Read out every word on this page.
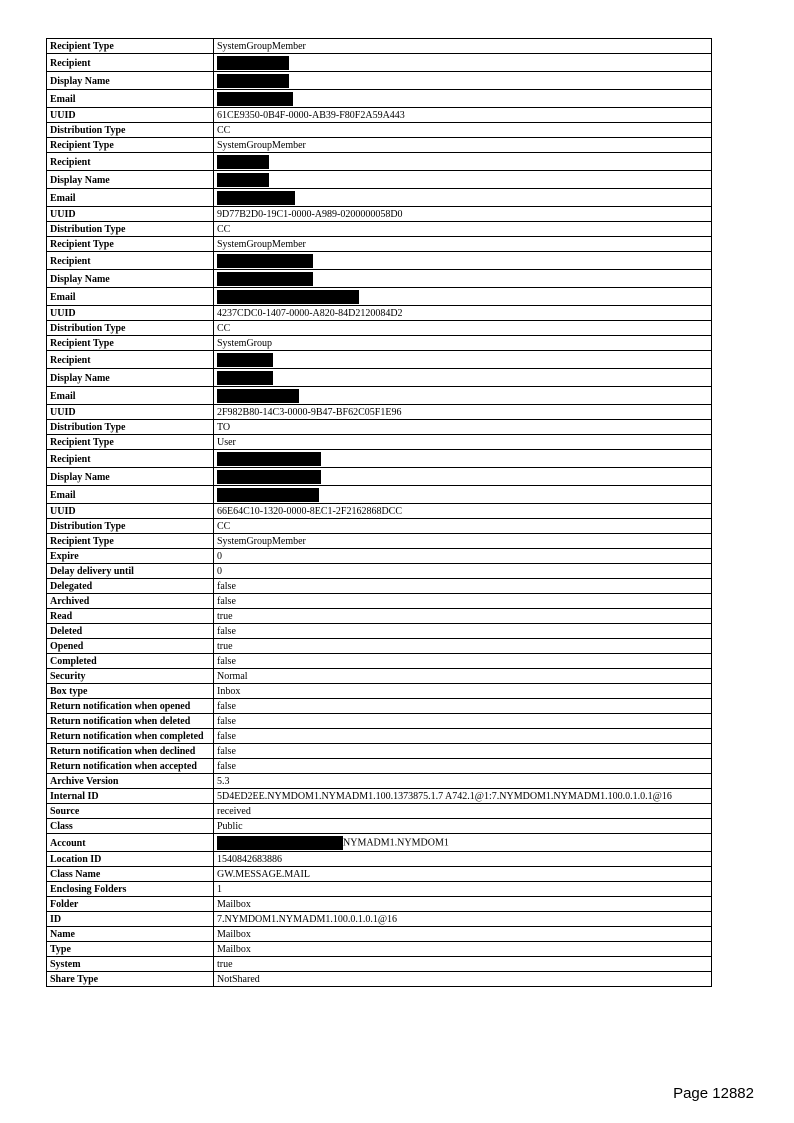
Recipient Type	SystemGroupMember
Recipient	
Display Name	
Email	
UUID	61CE9350-0B4F-0000-AB39-F80F2A59A443
Distribution Type	CC
Recipient Type	SystemGroupMember
Recipient	
Display Name	
Email	
UUID	9D77B2D0-19C1-0000-A989-0200000058D0
Distribution Type	CC
Recipient Type	SystemGroupMember
Recipient	
Display Name	
Email	
UUID	4237CDC0-1407-0000-A820-84D2120084D2
Distribution Type	CC
Recipient Type	SystemGroup
Recipient	
Display Name	
Email	
UUID	2F982B80-14C3-0000-9B47-BF62C05F1E96
Distribution Type	TO
Recipient Type	User
Recipient	
Display Name	
Email	
UUID	66E64C10-1320-0000-8EC1-2F2162868DCC
Distribution Type	CC
Recipient Type	SystemGroupMember
Expire	0
Delay delivery until	0
Delegated	false
Archived	false
Read	true
Deleted	false
Opened	true
Completed	false
Security	Normal
Box type	Inbox
Return notification when opened	false
Return notification when deleted	false
Return notification when completed	false
Return notification when declined	false
Return notification when accepted	false
Archive Version	5.3
Internal ID	5D4ED2EE.NYMDOM1.NYMADM1.100.1373875.1.7 A742.1@1:7.NYMDOM1.NYMADM1.100.0.1.0.1@16
Source	received
Class	Public
Account	NYMADM1.NYMDOM1
Location ID	1540842683886
Class Name	GW.MESSAGE.MAIL
Enclosing Folders	1
Folder	Mailbox
ID	7.NYMDOM1.NYMADM1.100.0.1.0.1@16
Name	Mailbox
Type	Mailbox
System	true
Share Type	NotShared
Page 12882
